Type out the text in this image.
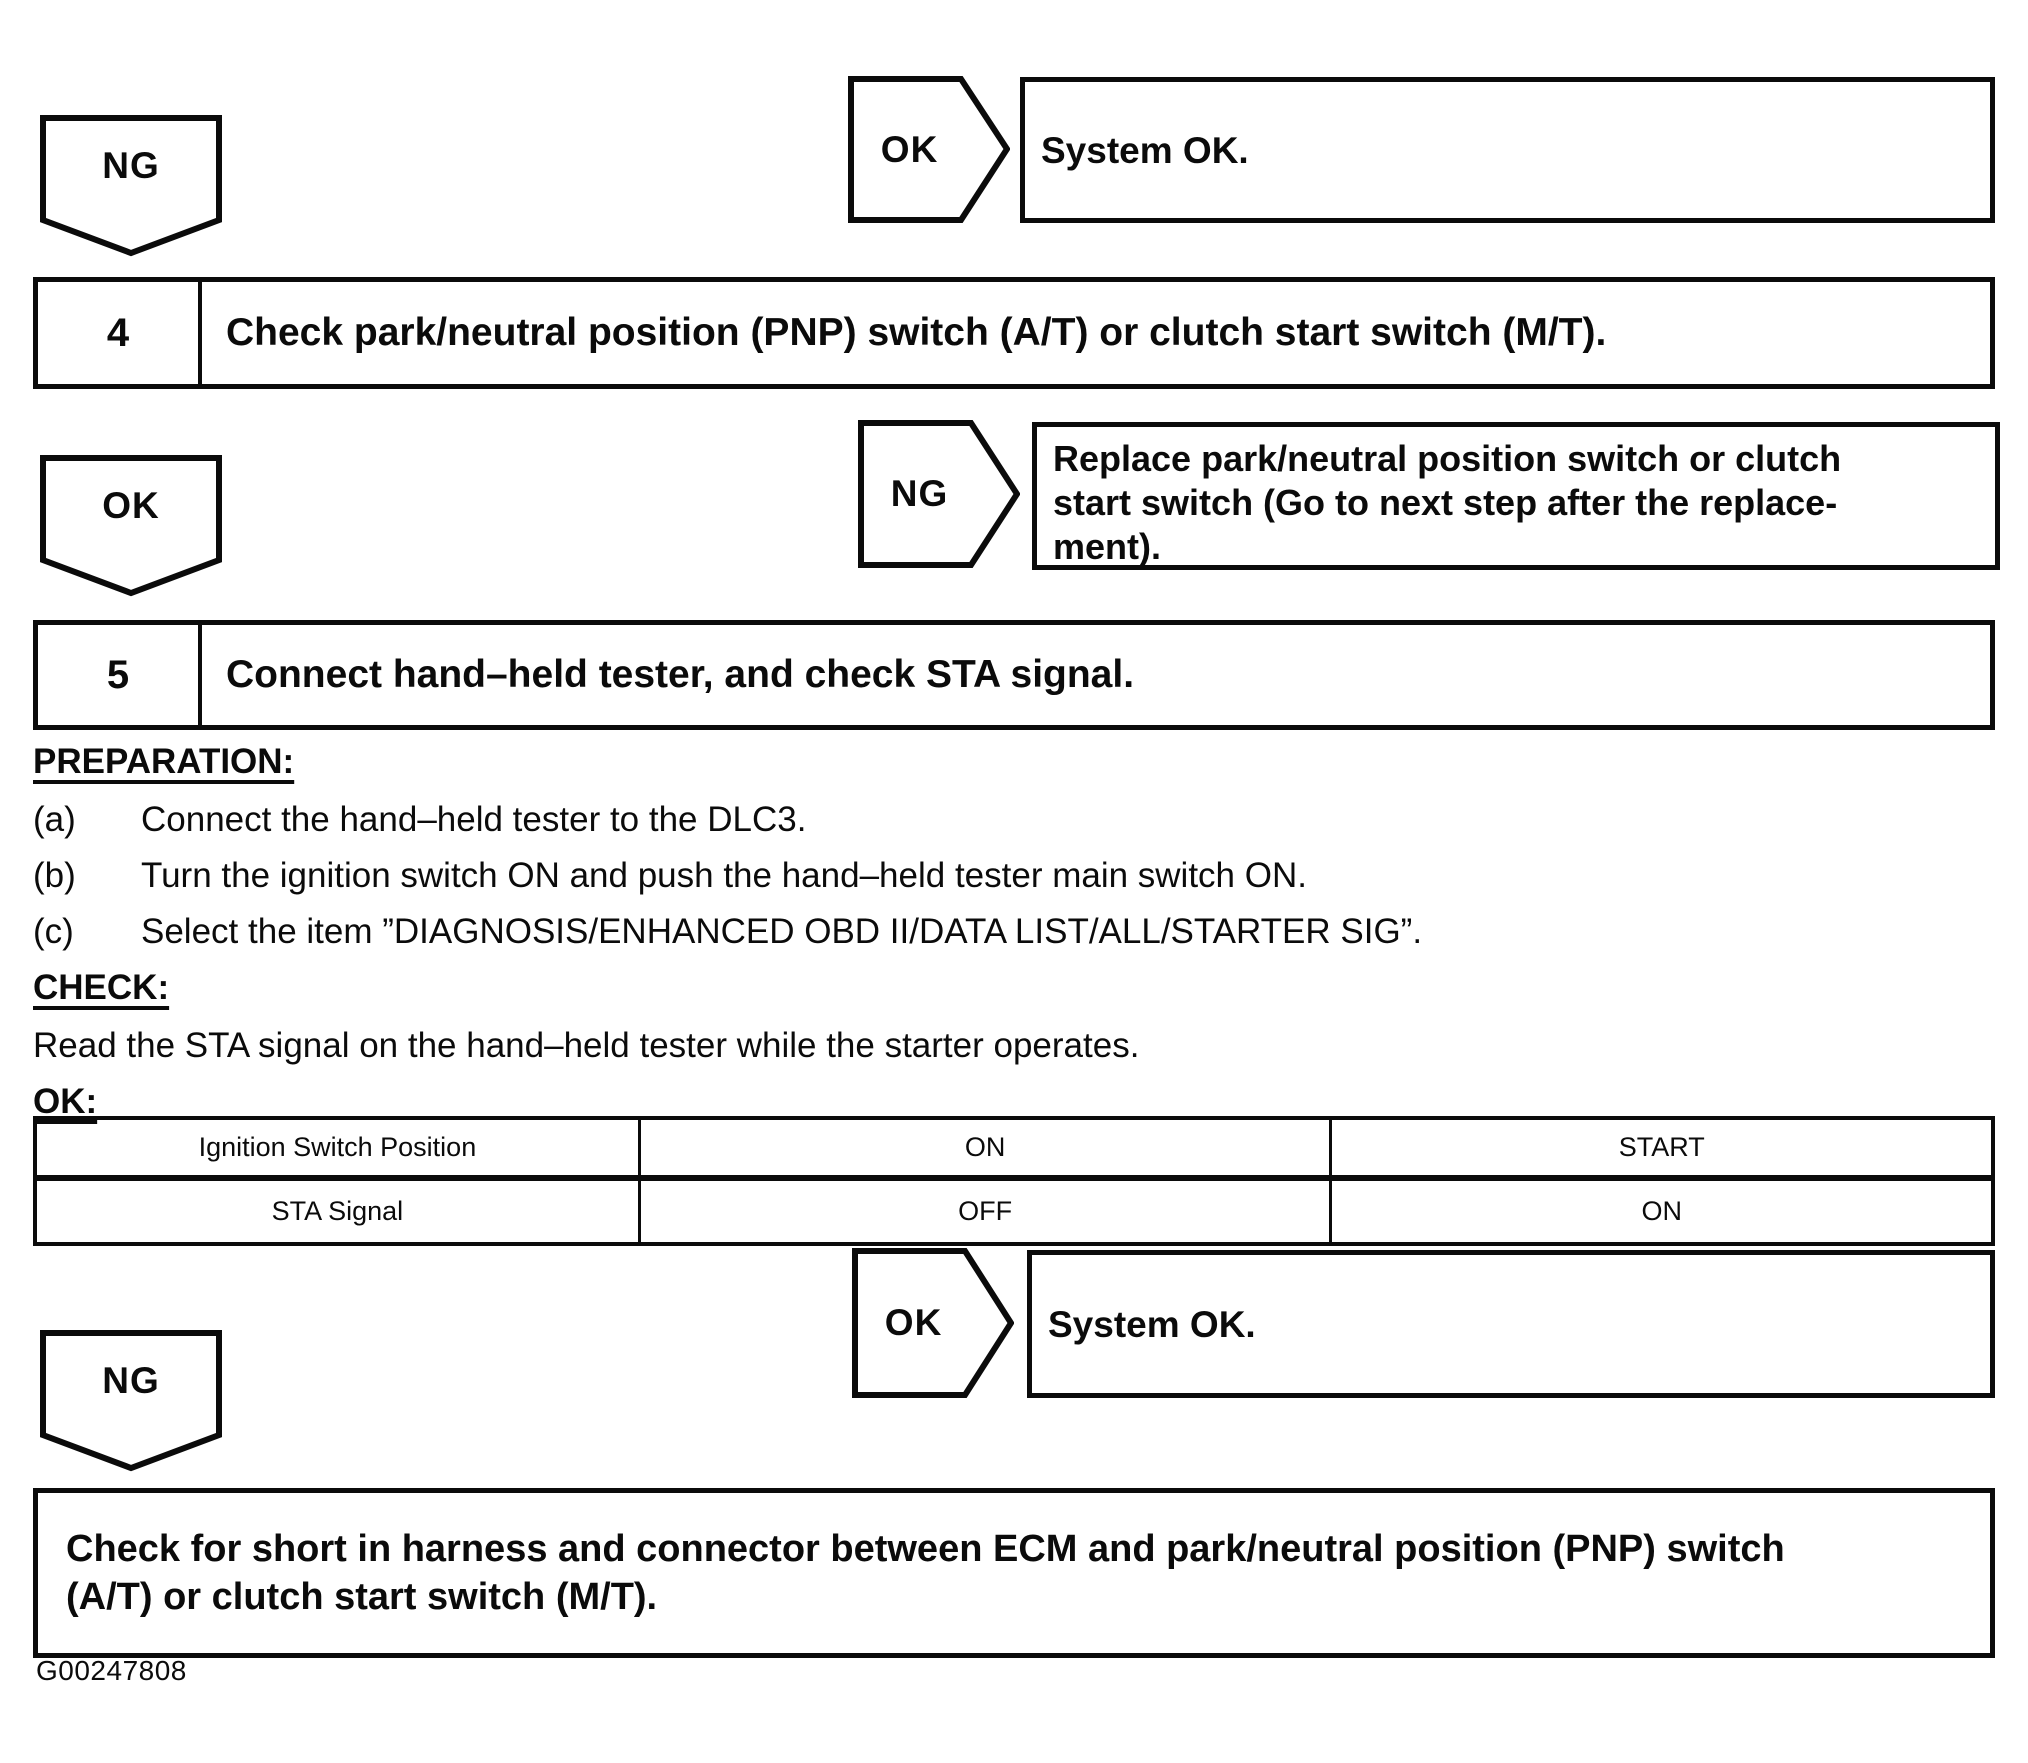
NG	OK	System OK.
4	Check park/neutral position (PNP) switch (A/T) or clutch start switch (M/T).
OK	NG
Replace park/neutral position switch or clutch
start switch (Go to next step after the replace-
ment).
5	Connect hand–held tester, and check STA signal.
PREPARATION:
(a)	Connect the hand–held tester to the DLC3.
(b)	Turn the ignition switch ON and push the hand–held tester main switch ON.
(c)	Select the item ”DIAGNOSIS/ENHANCED OBD II/DATA LIST/ALL/STARTER SIG”.
CHECK:
Read the STA signal on the hand–held tester while the starter operates.
OK:
Ignition Switch Position	ON	START
STA Signal	OFF	ON
OK	System OK.
NG
Check for short in harness and connector between ECM and park/neutral position (PNP) switch
(A/T) or clutch start switch (M/T).
G00247808
